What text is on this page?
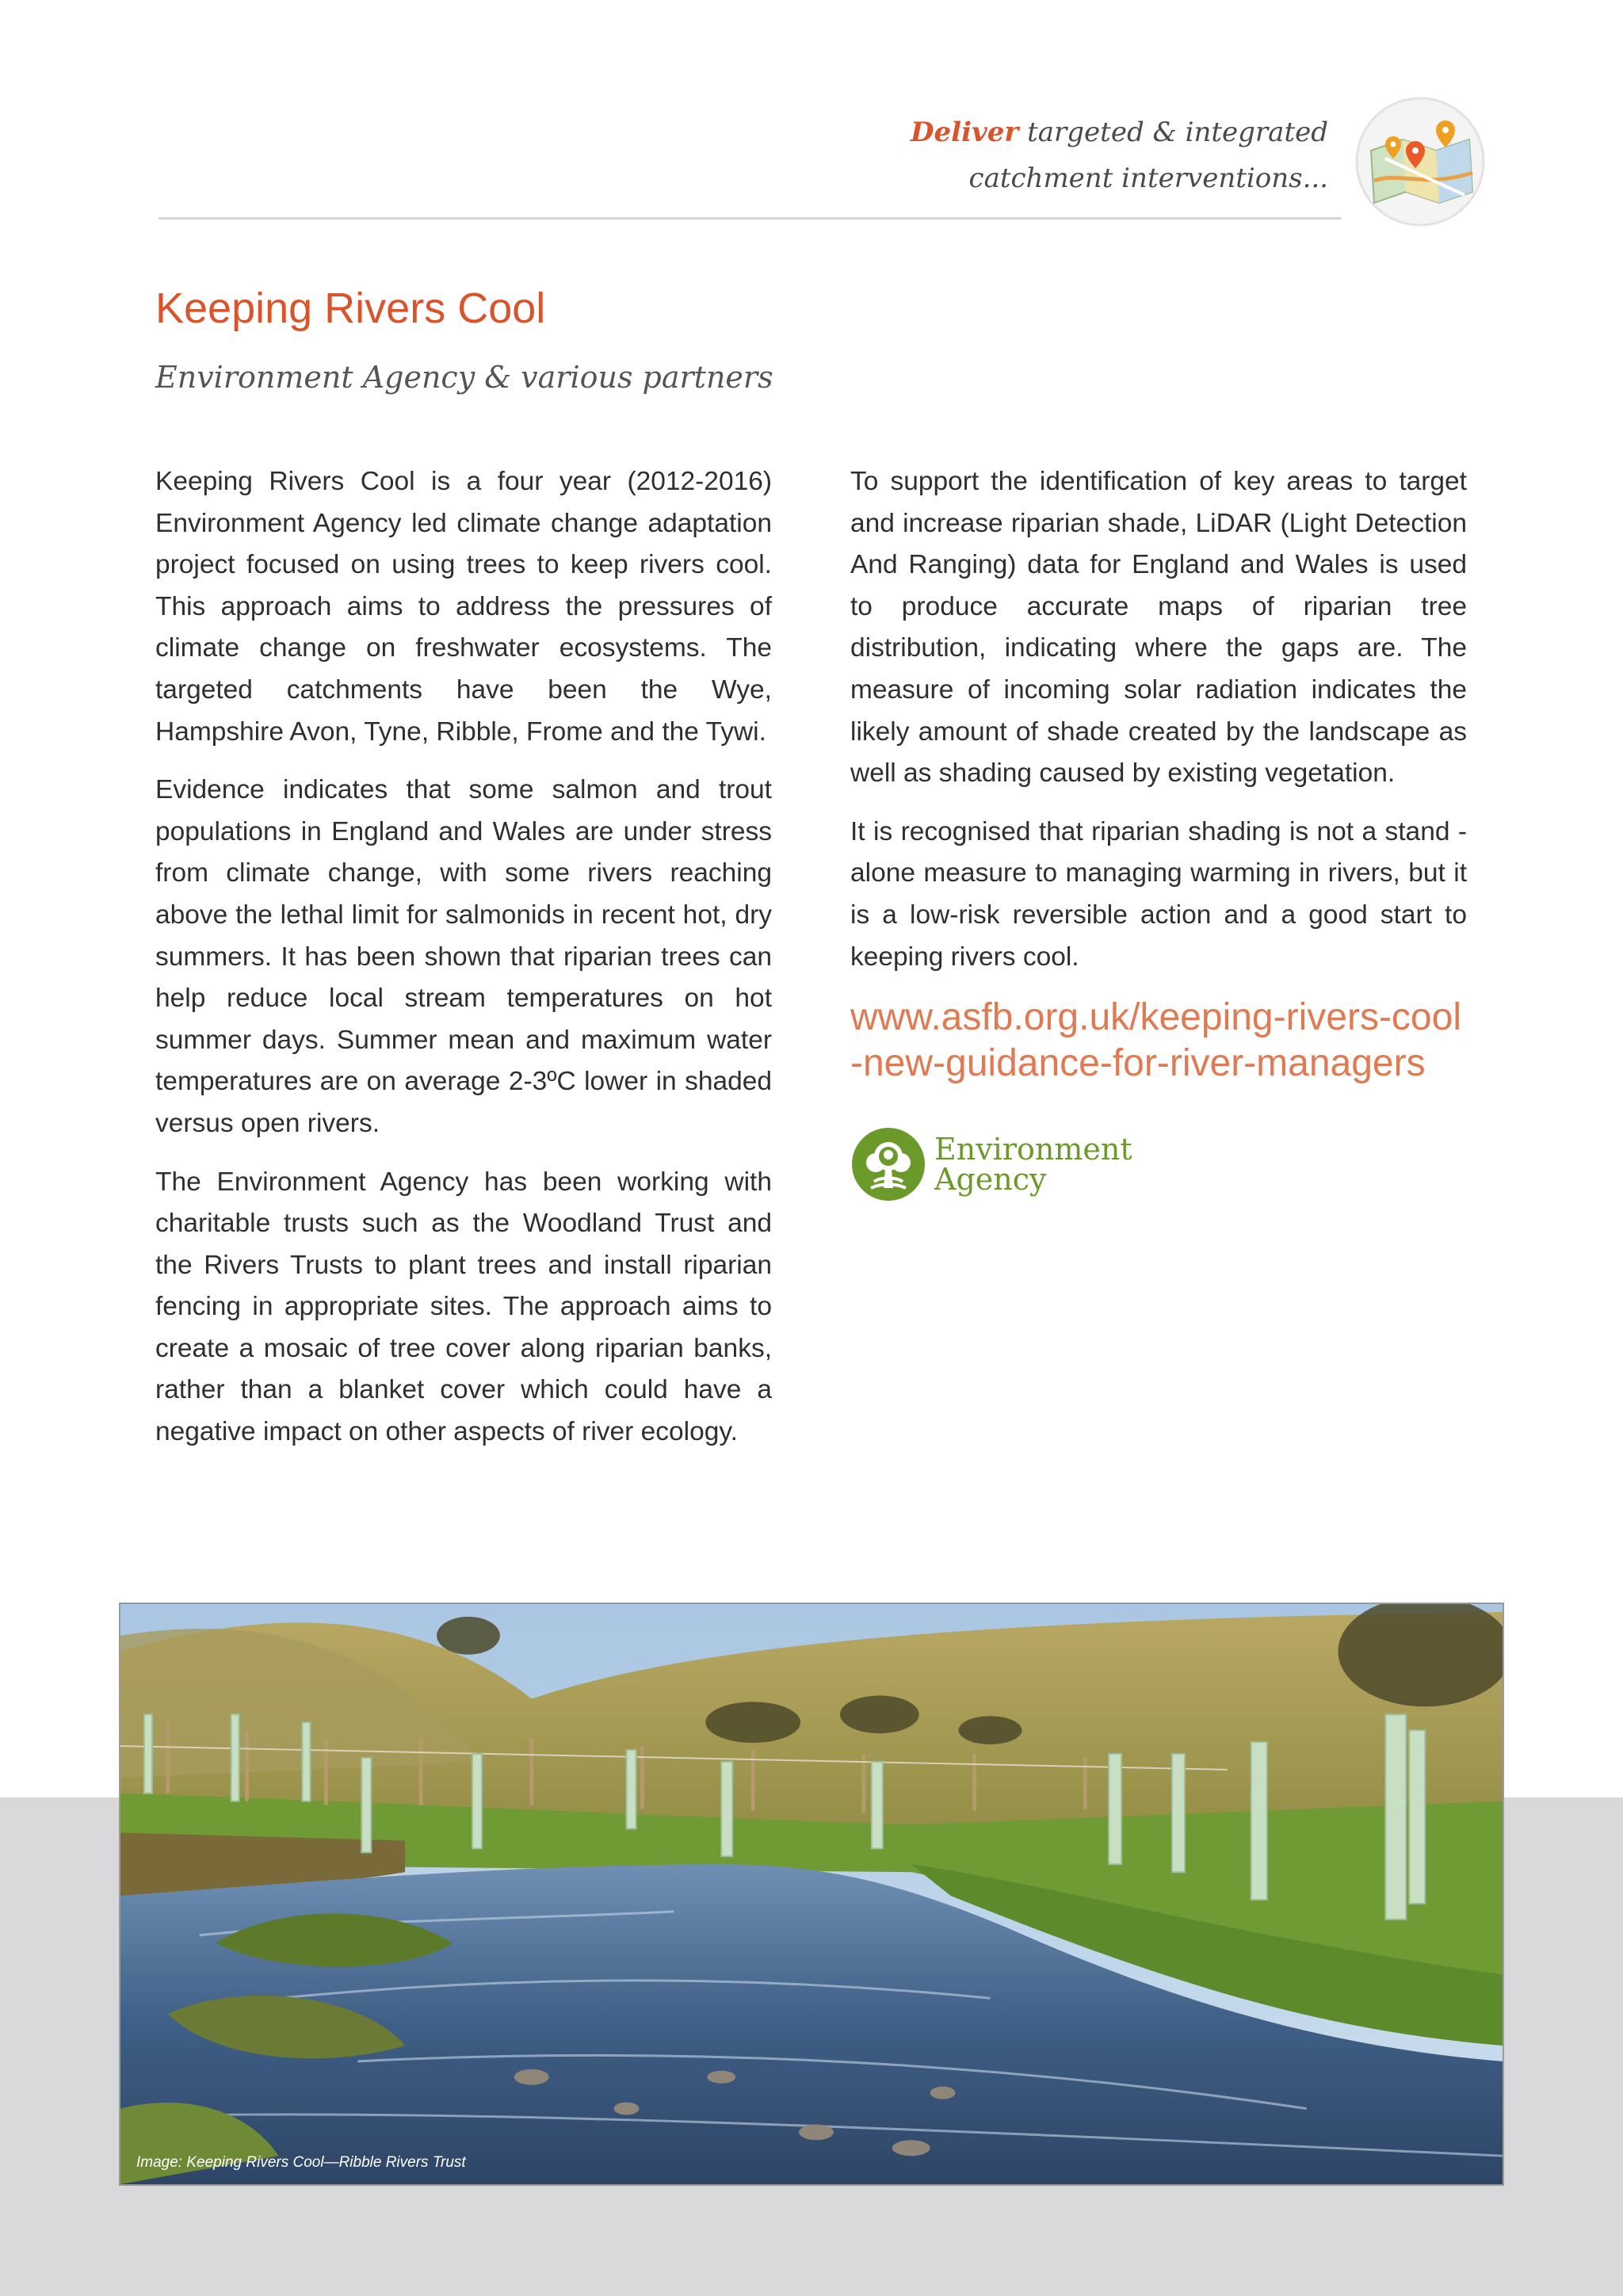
Deliver targeted & integrated
catchment interventions...
Keeping Rivers Cool
Environment Agency & various partners

Keeping Rivers Cool is a four year (2012-2016) Environment Agency led climate change adaptation project focused on using trees to keep rivers cool. This approach aims to address the pressures of climate change on freshwater ecosystems. The targeted catchments have been the Wye, Hampshire Avon, Tyne, Ribble, Frome and the Tywi.

Evidence indicates that some salmon and trout populations in England and Wales are under stress from climate change, with some rivers reaching above the lethal limit for salmonids in recent hot, dry summers. It has been shown that riparian trees can help reduce local stream temperatures on hot summer days. Summer mean and maximum water temperatures are on average 2-3ºC lower in shaded versus open rivers.

The Environment Agency has been working with charitable trusts such as the Woodland Trust and the Rivers Trusts to plant trees and install riparian fencing in appropriate sites. The approach aims to create a mosaic of tree cover along riparian banks, rather than a blanket cover which could have a negative impact on other aspects of river ecology.

To support the identification of key areas to target and increase riparian shade, LiDAR (Light Detection And Ranging) data for England and Wales is used to produce accurate maps of riparian tree distribution, indicating where the gaps are. The measure of incoming solar radiation indicates the likely amount of shade created by the landscape as well as shading caused by existing vegetation.

It is recognised that riparian shading is not a stand -alone measure to managing warming in rivers, but it is a low-risk reversible action and a good start to keeping rivers cool.

www.asfb.org.uk/keeping-rivers-cool
-new-guidance-for-river-managers
Environment
Agency
Image: Keeping Rivers Cool—Ribble Rivers Trust
